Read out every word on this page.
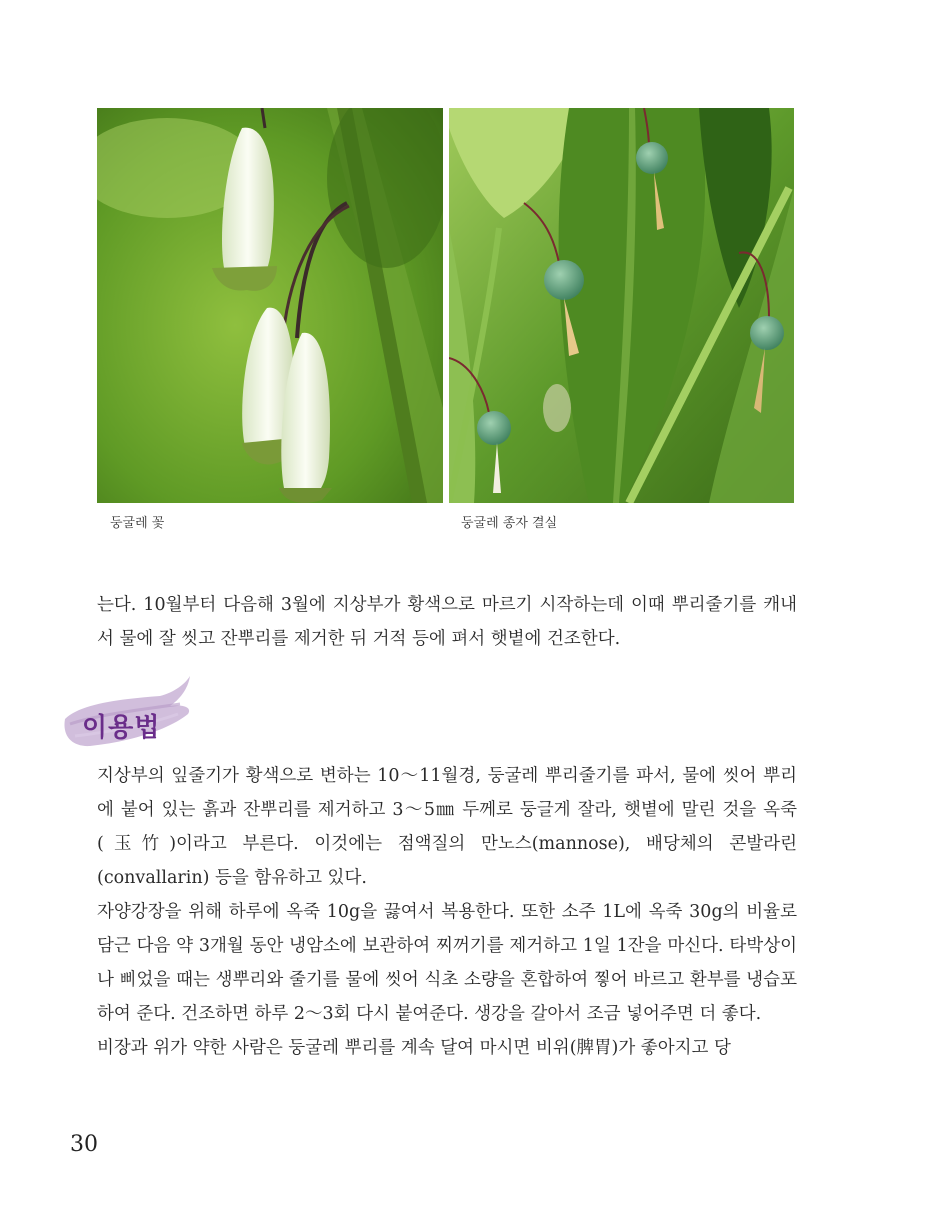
둥굴레 꽃	둥굴레 종자 결실

는다. 10월부터 다음해 3월에 지상부가 황색으로 마르기 시작하는데 이때 뿌리줄기를 캐내서 물에 잘 씻고 잔뿌리를 제거한 뒤 거적 등에 펴서 햇볕에 건조한다.

이용법

지상부의 잎줄기가 황색으로 변하는 10～11월경, 둥굴레 뿌리줄기를 파서, 물에 씻어 뿌리에 붙어 있는 흙과 잔뿌리를 제거하고 3～5㎜ 두께로 둥글게 잘라, 햇볕에 말린 것을 옥죽(玉竹)이라고 부른다. 이것에는 점액질의 만노스(mannose), 배당체의 콘발라린(convallarin) 등을 함유하고 있다.

자양강장을 위해 하루에 옥죽 10g을 끓여서 복용한다. 또한 소주 1L에 옥죽 30g의 비율로 담근 다음 약 3개월 동안 냉암소에 보관하여 찌꺼기를 제거하고 1일 1잔을 마신다. 타박상이나 삐었을 때는 생뿌리와 줄기를 물에 씻어 식초 소량을 혼합하여 찧어 바르고 환부를 냉습포하여 준다. 건조하면 하루 2～3회 다시 붙여준다. 생강을 갈아서 조금 넣어주면 더 좋다.

비장과 위가 약한 사람은 둥굴레 뿌리를 계속 달여 마시면 비위(脾胃)가 좋아지고 당

30
